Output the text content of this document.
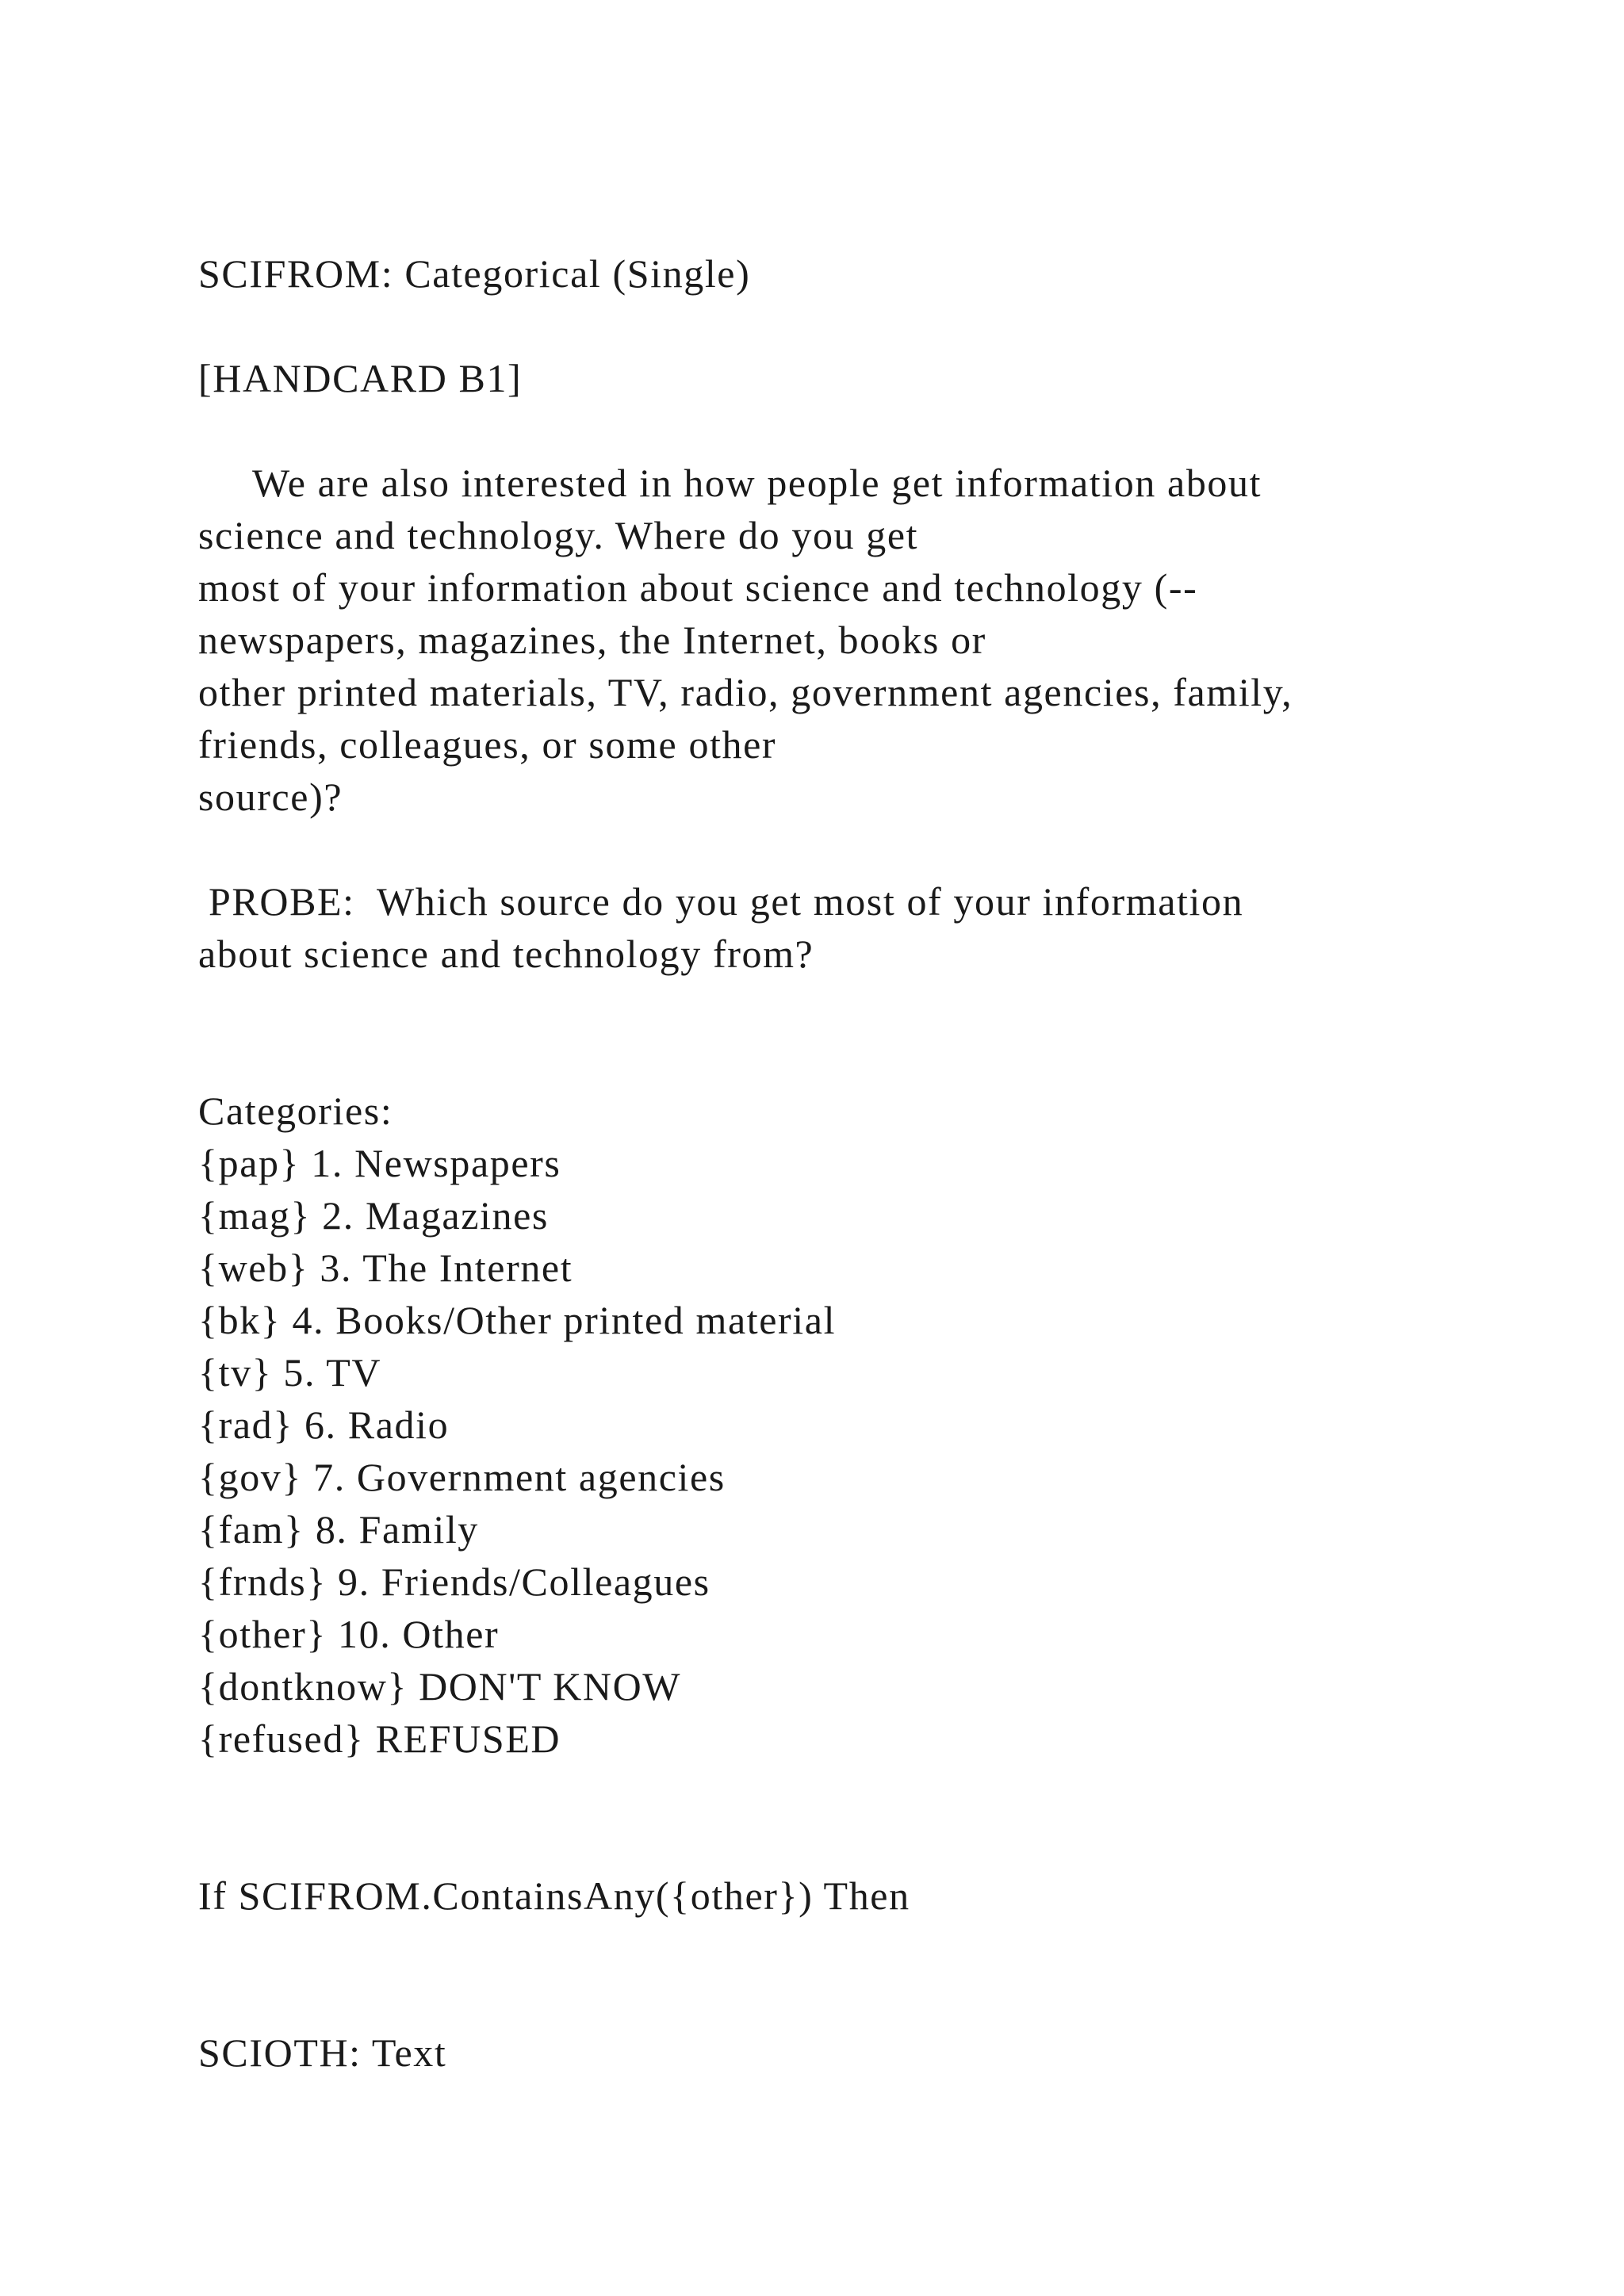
SCIFROM: Categorical (Single)

[HANDCARD B1]

We are also interested in how people get information about

science and technology. Where do you get

most of your information about science and technology (--

newspapers, magazines, the Internet, books or

other printed materials, TV, radio, government agencies, family,

friends, colleagues, or some other

source)?

PROBE:  Which source do you get most of your information

about science and technology from?

Categories:

{pap} 1. Newspapers

{mag} 2. Magazines

{web} 3. The Internet

{bk} 4. Books/Other printed material

{tv} 5. TV

{rad} 6. Radio

{gov} 7. Government agencies

{fam} 8. Family

{frnds} 9. Friends/Colleagues

{other} 10. Other

{dontknow} DON'T KNOW

{refused} REFUSED

If SCIFROM.ContainsAny({other}) Then

SCIOTH: Text
